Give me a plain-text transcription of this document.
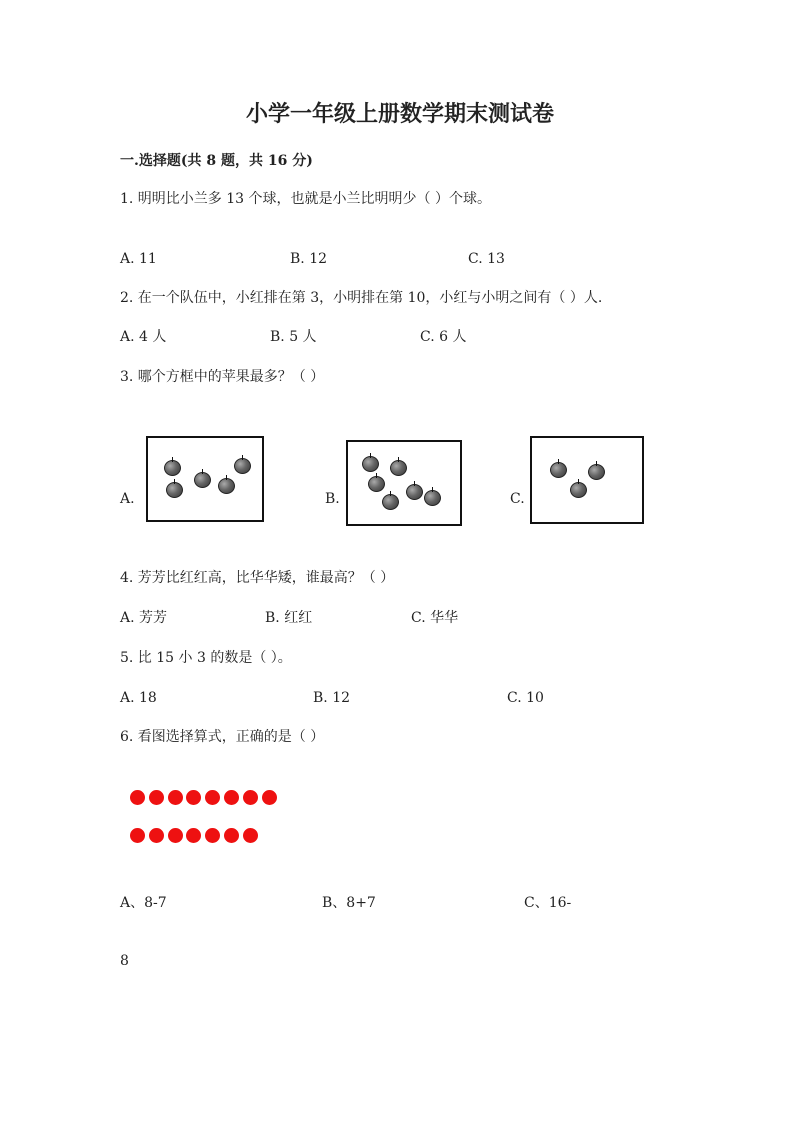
小学一年级上册数学期末测试卷
一.选择题(共 8 题，共 16 分)
1. 明明比小兰多 13 个球，也就是小兰比明明少（ ）个球。
A. 11	B. 12	C. 13
2. 在一个队伍中，小红排在第 3，小明排在第 10，小红与小明之间有（ ）人.
A. 4 人	B. 5 人	C. 6 人
3. 哪个方框中的苹果最多？（ ）
A.	B.	C.
4. 芳芳比红红高，比华华矮，谁最高？（ ）
A. 芳芳	B. 红红	C. 华华
5. 比 15 小 3 的数是（ ）。
A. 18	B. 12	C. 10
6. 看图选择算式，正确的是（ ）
A、8-7	B、8+7	C、16-
8
